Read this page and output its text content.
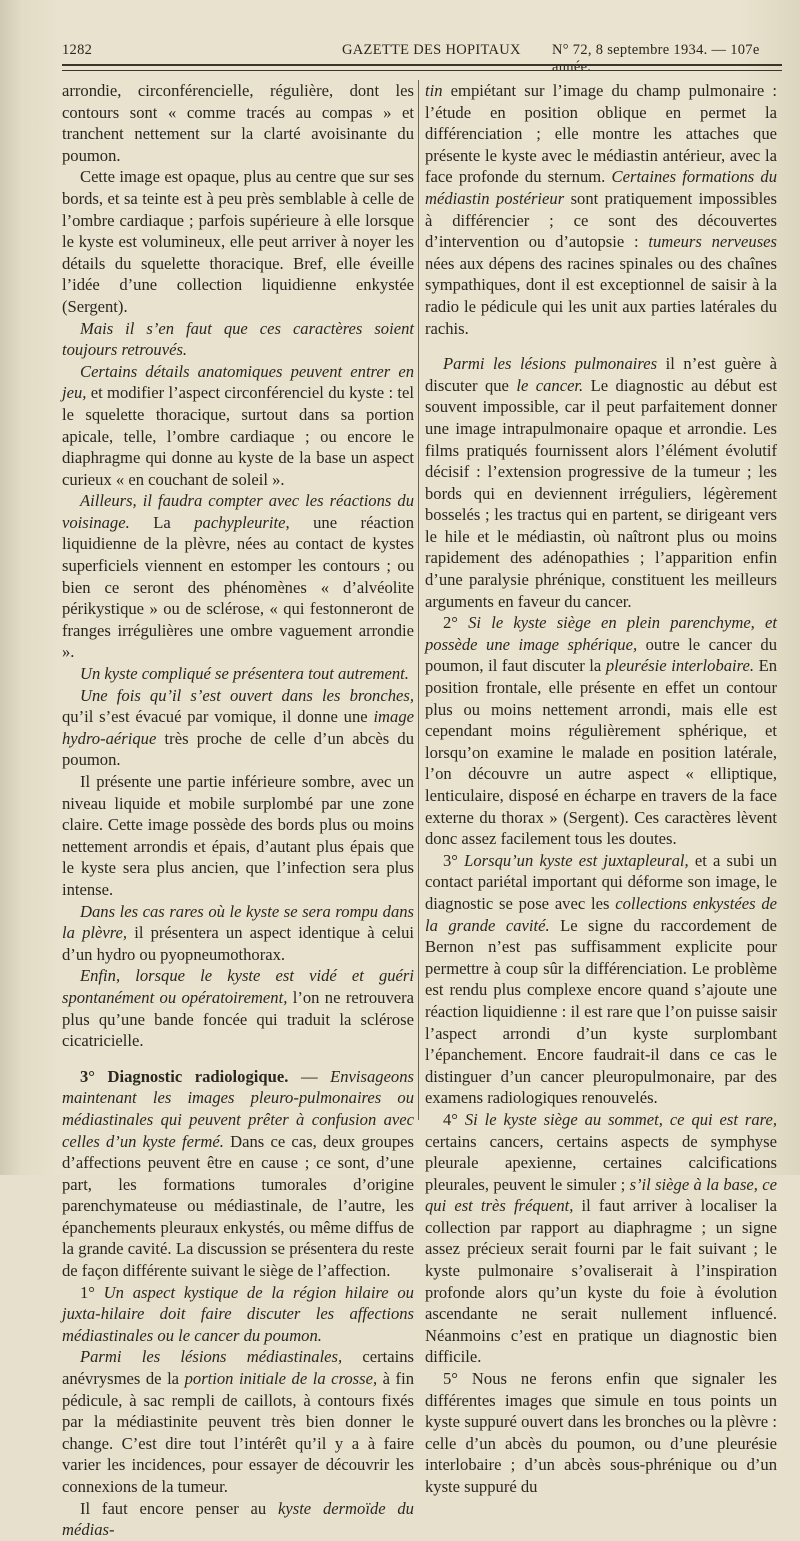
1282	GAZETTE DES HOPITAUX N° 72, 8 septembre 1934. — 107e année.

arrondie, circonférencielle, régulière, dont les contours sont « comme tracés au compas » et tranchent nettement sur la clarté avoisinante du poumon.

Cette image est opaque, plus au centre que sur ses bords, et sa teinte est à peu près semblable à celle de l’ombre cardiaque ; parfois supérieure à elle lorsque le kyste est volumineux, elle peut arriver à noyer les détails du squelette thoracique. Bref, elle éveille l’idée d’une collection liquidienne enkystée (Sergent).

Mais il s’en faut que ces caractères soient toujours retrouvés.

Certains détails anatomiques peuvent entrer en jeu, et modifier l’aspect circonférenciel du kyste : tel le squelette thoracique, surtout dans sa portion apicale, telle, l’ombre cardiaque ; ou encore le diaphragme qui donne au kyste de la base un aspect curieux « en couchant de soleil ».

Ailleurs, il faudra compter avec les réactions du voisinage. La pachypleurite, une réaction liquidienne de la plèvre, nées au contact de kystes superficiels viennent en estomper les contours ; ou bien ce seront des phénomènes « d’alvéolite périkystique » ou de sclérose, « qui festonneront de franges irrégulières une ombre vaguement arrondie ».

Un kyste compliqué se présentera tout autrement.

Une fois qu’il s’est ouvert dans les bronches, qu’il s’est évacué par vomique, il donne une image hydro-aérique très proche de celle d’un abcès du poumon.

Il présente une partie inférieure sombre, avec un niveau liquide et mobile surplombé par une zone claire. Cette image possède des bords plus ou moins nettement arrondis et épais, d’autant plus épais que le kyste sera plus ancien, que l’infection sera plus intense.

Dans les cas rares où le kyste se sera rompu dans la plèvre, il présentera un aspect identique à celui d’un hydro ou pyopneumothorax.

Enfin, lorsque le kyste est vidé et guéri spontanément ou opératoirement, l’on ne retrouvera plus qu’une bande foncée qui traduit la sclérose cicatricielle.

3° Diagnostic radiologique. — Envisageons maintenant les images pleuro-pulmonaires ou médiastinales qui peuvent prêter à confusion avec celles d’un kyste fermé. Dans ce cas, deux groupes d’affections peuvent être en cause ; ce sont, d’une part, les formations tumorales d’origine parenchymateuse ou médiastinale, de l’autre, les épanchements pleuraux enkystés, ou même diffus de la grande cavité. La discussion se présentera du reste de façon différente suivant le siège de l’affection.

1° Un aspect kystique de la région hilaire ou juxta-hilaire doit faire discuter les affections médiastinales ou le cancer du poumon.

Parmi les lésions médiastinales, certains anévrysmes de la portion initiale de la crosse, à fin pédicule, à sac rempli de caillots, à contours fixés par la médiastinite peuvent très bien donner le change. C’est dire tout l’intérêt qu’il y a à faire varier les incidences, pour essayer de découvrir les connexions de la tumeur.

Il faut encore penser au kyste dermoïde du médias-

tin empiétant sur l’image du champ pulmonaire : l’étude en position oblique en permet la différenciation ; elle montre les attaches que présente le kyste avec le médiastin antérieur, avec la face profonde du sternum. Certaines formations du médiastin postérieur sont pratiquement impossibles à différencier ; ce sont des découvertes d’intervention ou d’autopsie : tumeurs nerveuses nées aux dépens des racines spinales ou des chaînes sympathiques, dont il est exceptionnel de saisir à la radio le pédicule qui les unit aux parties latérales du rachis.

Parmi les lésions pulmonaires il n’est guère à discuter que le cancer. Le diagnostic au début est souvent impossible, car il peut parfaitement donner une image intrapulmonaire opaque et arrondie. Les films pratiqués fournissent alors l’élément évolutif décisif : l’extension progressive de la tumeur ; les bords qui en deviennent irréguliers, légèrement bosselés ; les tractus qui en partent, se dirigeant vers le hile et le médiastin, où naîtront plus ou moins rapidement des adénopathies ; l’apparition enfin d’une paralysie phrénique, constituent les meilleurs arguments en faveur du cancer.

2° Si le kyste siège en plein parenchyme, et possède une image sphérique, outre le cancer du poumon, il faut discuter la pleurésie interlobaire. En position frontale, elle présente en effet un contour plus ou moins nettement arrondi, mais elle est cependant moins régulièrement sphérique, et lorsqu’on examine le malade en position latérale, l’on découvre un autre aspect « elliptique, lenticulaire, disposé en écharpe en travers de la face externe du thorax » (Sergent). Ces caractères lèvent donc assez facilement tous les doutes.

3° Lorsqu’un kyste est juxtapleural, et a subi un contact pariétal important qui déforme son image, le diagnostic se pose avec les collections enkystées de la grande cavité. Le signe du raccordement de Bernon n’est pas suffisamment explicite pour permettre à coup sûr la différenciation. Le problème est rendu plus complexe encore quand s’ajoute une réaction liquidienne : il est rare que l’on puisse saisir l’aspect arrondi d’un kyste surplombant l’épanchement. Encore faudrait-il dans ce cas le distinguer d’un cancer pleuropulmonaire, par des examens radiologiques renouvelés.

4° Si le kyste siège au sommet, ce qui est rare, certains cancers, certains aspects de symphyse pleurale apexienne, certaines calcifications pleurales, peuvent le simuler ; s’il siège à la base, ce qui est très fréquent, il faut arriver à localiser la collection par rapport au diaphragme ; un signe assez précieux serait fourni par le fait suivant ; le kyste pulmonaire s’ovaliserait à l’inspiration profonde alors qu’un kyste du foie à évolution ascendante ne serait nullement influencé. Néanmoins c’est en pratique un diagnostic bien difficile.

5° Nous ne ferons enfin que signaler les différentes images que simule en tous points un kyste suppuré ouvert dans les bronches ou la plèvre : celle d’un abcès du poumon, ou d’une pleurésie interlobaire ; d’un abcès sous-phrénique ou d’un kyste suppuré du
